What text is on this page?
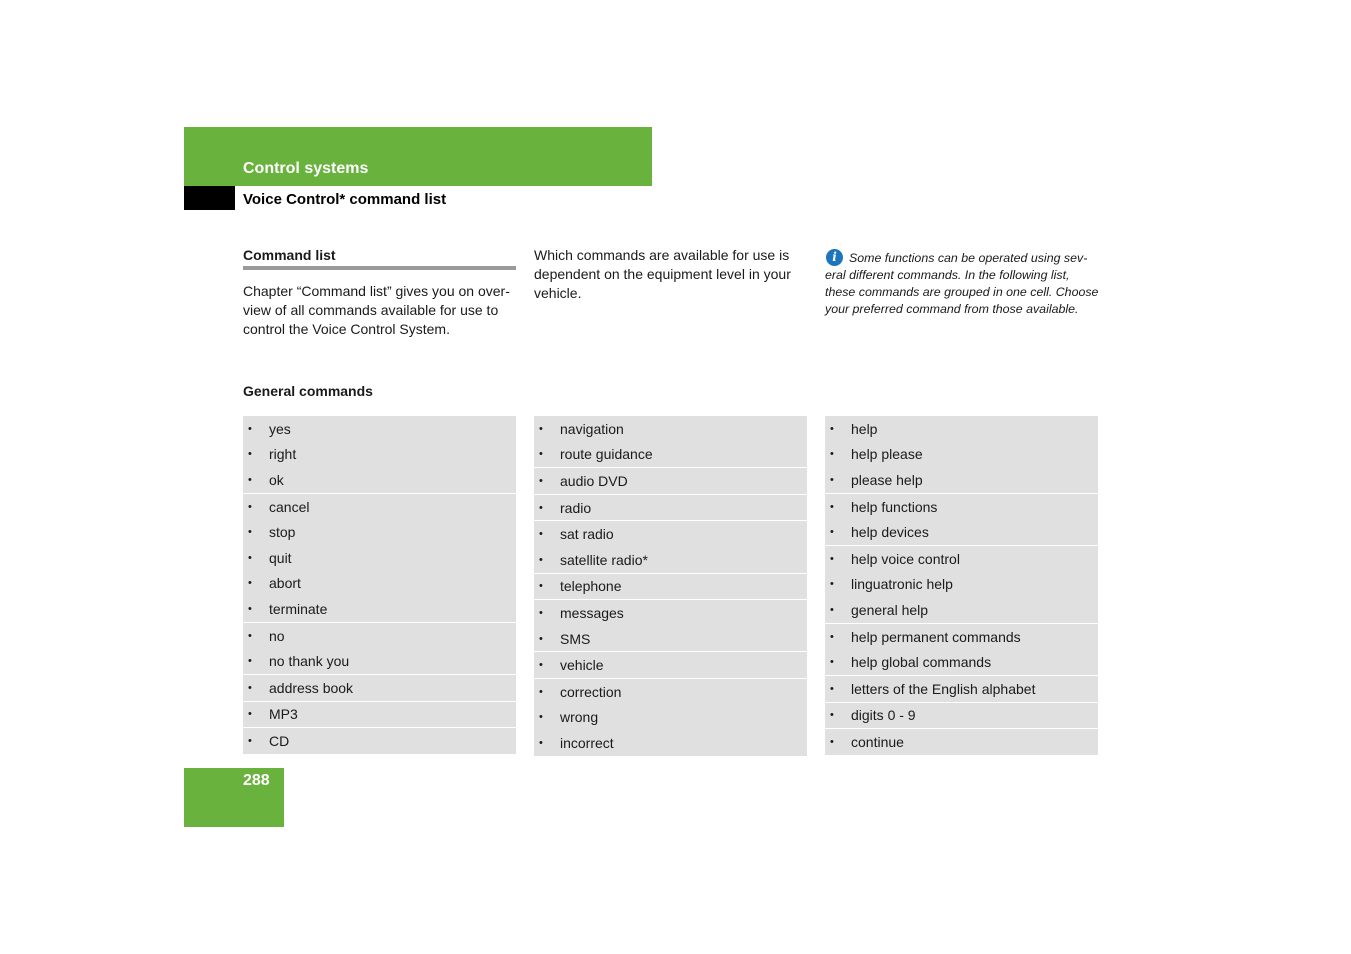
Control systems
Voice Control* command list
Command list
Chapter “Command list” gives you on over-view of all commands available for use to control the Voice Control System.
Which commands are available for use is dependent on the equipment level in your vehicle.
i Some functions can be operated using sev-eral different commands. In the following list, these commands are grouped in one cell. Choose your preferred command from those available.
General commands
•	yes
•	right
•	ok
•	cancel
•	stop
•	quit
•	abort
•	terminate
•	no
•	no thank you
•	address book
•	MP3
•	CD
•	navigation
•	route guidance
•	audio DVD
•	radio
•	sat radio
•	satellite radio*
•	telephone
•	messages
•	SMS
•	vehicle
•	correction
•	wrong
•	incorrect
•	help
•	help please
•	please help
•	help functions
•	help devices
•	help voice control
•	linguatronic help
•	general help
•	help permanent commands
•	help global commands
•	letters of the English alphabet
•	digits 0 - 9
•	continue
288
